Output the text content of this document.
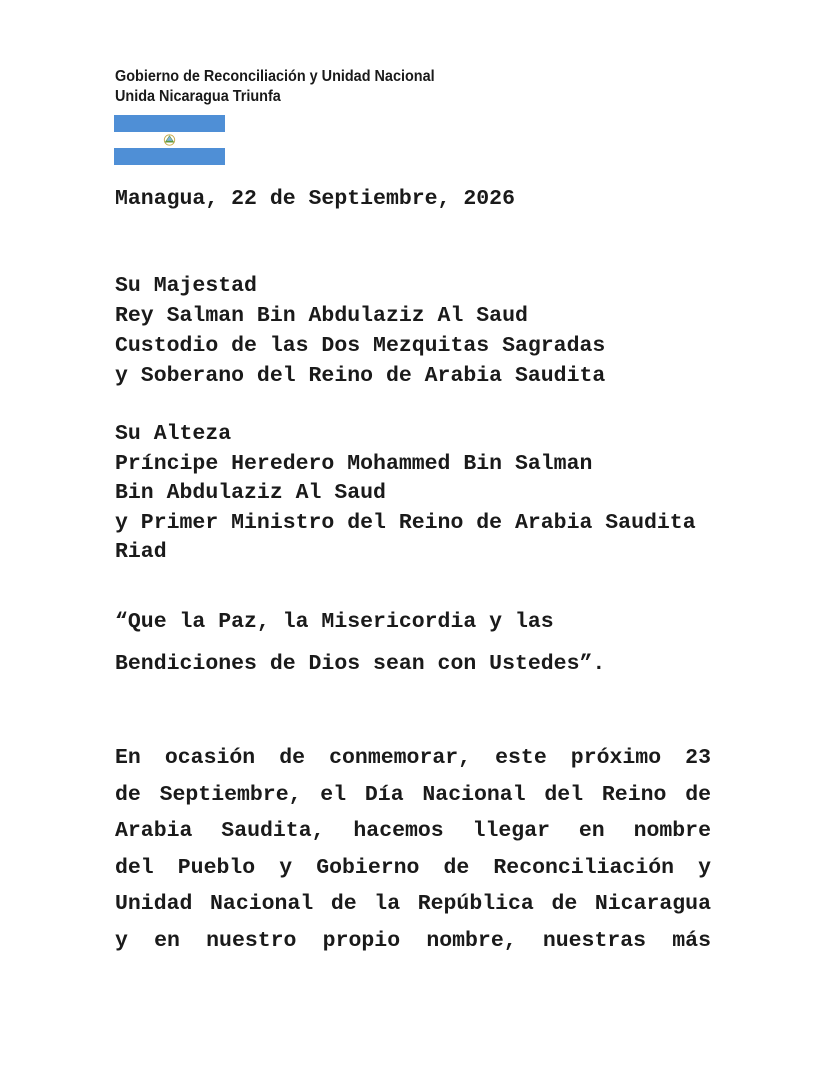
Gobierno de Reconciliación y Unidad Nacional
Unida Nicaragua Triunfa
Managua, 22 de Septiembre, 2026
Su Majestad
Rey Salman Bin Abdulaziz Al Saud
Custodio de las Dos Mezquitas Sagradas
y Soberano del Reino de Arabia Saudita
Su Alteza
Príncipe Heredero Mohammed Bin Salman
Bin Abdulaziz Al Saud
y Primer Ministro del Reino de Arabia Saudita
Riad
“Que la Paz, la Misericordia y las
Bendiciones de Dios sean con Ustedes”.
En ocasión de conmemorar, este próximo 23
de Septiembre, el Día Nacional del Reino de
Arabia Saudita, hacemos llegar en nombre
del Pueblo y Gobierno de Reconciliación y
Unidad Nacional de la República de Nicaragua
y en nuestro propio nombre, nuestras más
